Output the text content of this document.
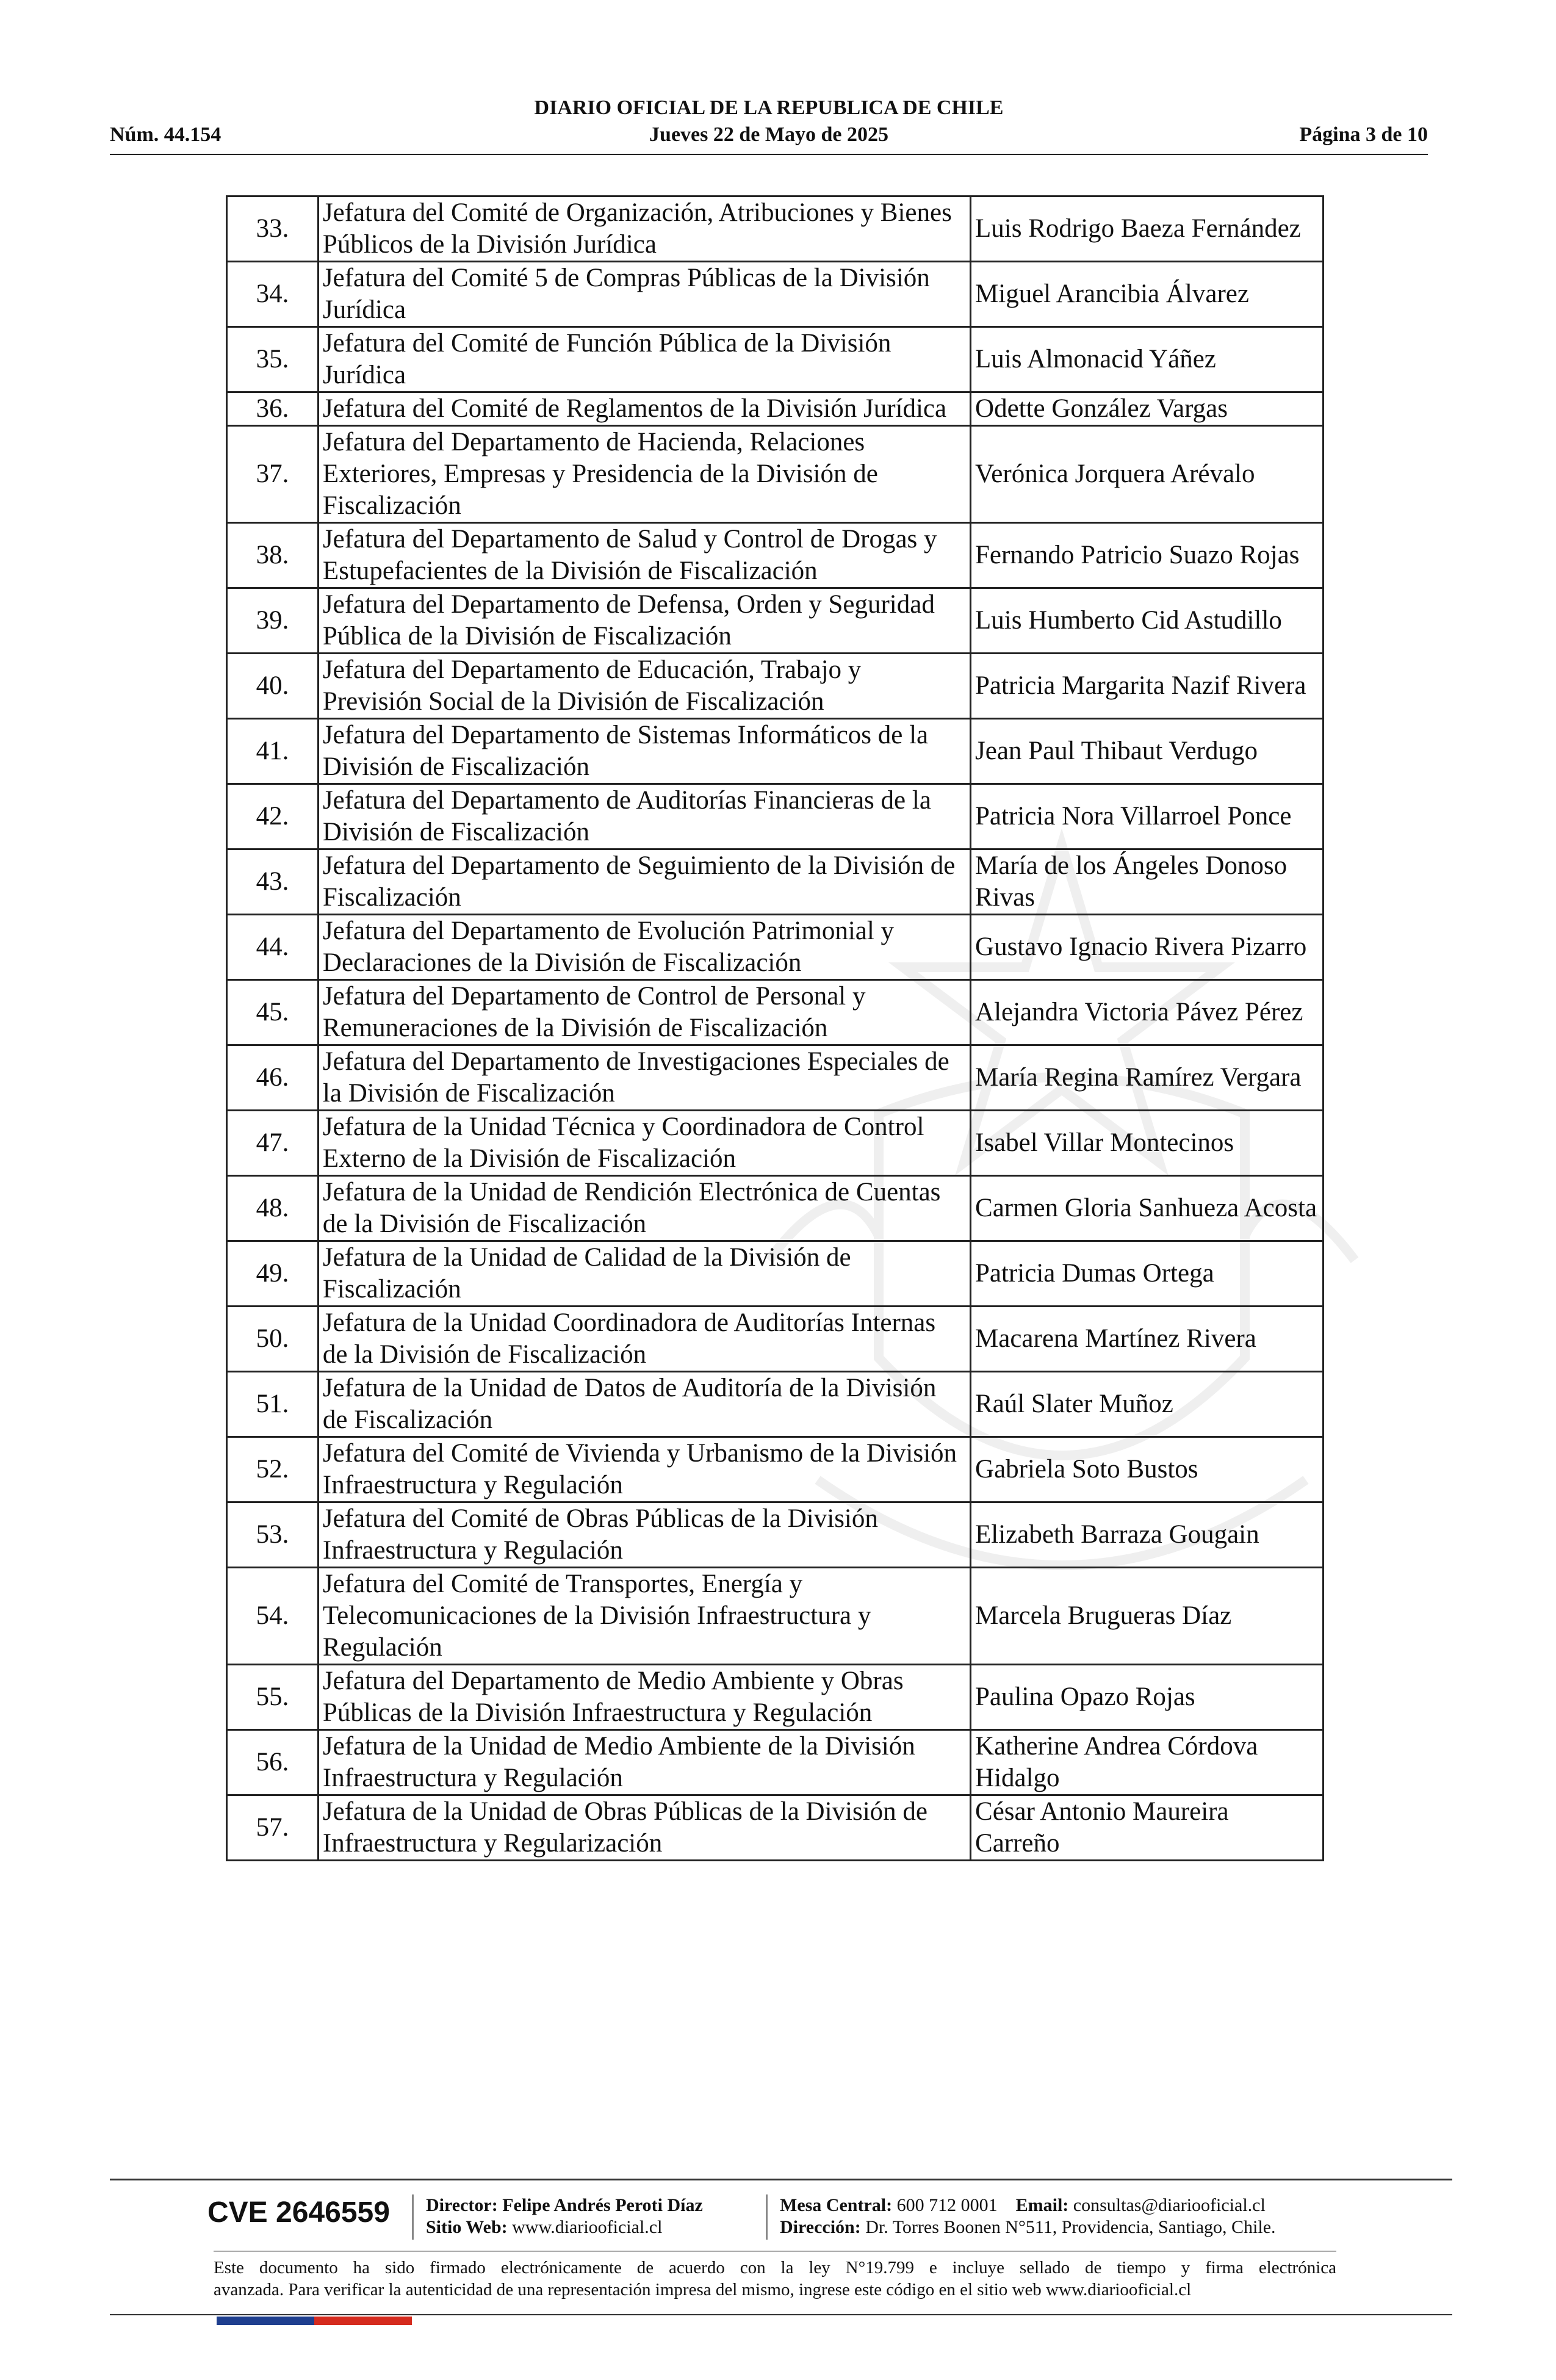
DIARIO OFICIAL DE LA REPUBLICA DE CHILE
Núm. 44.154	Jueves 22 de Mayo de 2025	Página 3 de 10
33.	Jefatura del Comité de Organización, Atribuciones y Bienes Públicos de la División Jurídica	Luis Rodrigo Baeza Fernández
34.	Jefatura del Comité 5 de Compras Públicas de la División Jurídica	Miguel Arancibia Álvarez
35.	Jefatura del Comité de Función Pública de la División Jurídica	Luis Almonacid Yáñez
36.	Jefatura del Comité de Reglamentos de la División Jurídica	Odette González Vargas
37.	Jefatura del Departamento de Hacienda, Relaciones Exteriores, Empresas y Presidencia de la División de Fiscalización	Verónica Jorquera Arévalo
38.	Jefatura del Departamento de Salud y Control de Drogas y Estupefacientes de la División de Fiscalización	Fernando Patricio Suazo Rojas
39.	Jefatura del Departamento de Defensa, Orden y Seguridad Pública de la División de Fiscalización	Luis Humberto Cid Astudillo
40.	Jefatura del Departamento de Educación, Trabajo y Previsión Social de la División de Fiscalización	Patricia Margarita Nazif Rivera
41.	Jefatura del Departamento de Sistemas Informáticos de la División de Fiscalización	Jean Paul Thibaut Verdugo
42.	Jefatura del Departamento de Auditorías Financieras de la División de Fiscalización	Patricia Nora Villarroel Ponce
43.	Jefatura del Departamento de Seguimiento de la División de Fiscalización	María de los Ángeles Donoso Rivas
44.	Jefatura del Departamento de Evolución Patrimonial y Declaraciones de la División de Fiscalización	Gustavo Ignacio Rivera Pizarro
45.	Jefatura del Departamento de Control de Personal y Remuneraciones de la División de Fiscalización	Alejandra Victoria Pávez Pérez
46.	Jefatura del Departamento de Investigaciones Especiales de la División de Fiscalización	María Regina Ramírez Vergara
47.	Jefatura de la Unidad Técnica y Coordinadora de Control Externo de la División de Fiscalización	Isabel Villar Montecinos
48.	Jefatura de la Unidad de Rendición Electrónica de Cuentas de la División de Fiscalización	Carmen Gloria Sanhueza Acosta
49.	Jefatura de la Unidad de Calidad de la División de Fiscalización	Patricia Dumas Ortega
50.	Jefatura de la Unidad Coordinadora de Auditorías Internas de la División de Fiscalización	Macarena Martínez Rivera
51.	Jefatura de la Unidad de Datos de Auditoría de la División de Fiscalización	Raúl Slater Muñoz
52.	Jefatura del Comité de Vivienda y Urbanismo de la División Infraestructura y Regulación	Gabriela Soto Bustos
53.	Jefatura del Comité de Obras Públicas de la División Infraestructura y Regulación	Elizabeth Barraza Gougain
54.	Jefatura del Comité de Transportes, Energía y Telecomunicaciones de la División Infraestructura y Regulación	Marcela Brugueras Díaz
55.	Jefatura del Departamento de Medio Ambiente y Obras Públicas de la División Infraestructura y Regulación	Paulina Opazo Rojas
56.	Jefatura de la Unidad de Medio Ambiente de la División Infraestructura y Regulación	Katherine Andrea Córdova Hidalgo
57.	Jefatura de la Unidad de Obras Públicas de la División de Infraestructura y Regularización	César Antonio Maureira Carreño
CVE 2646559 Director: Felipe Andrés Peroti Díaz
Sitio Web: www.diariooficial.cl
Mesa Central: 600 712 0001 Email: consultas@diariooficial.cl
Dirección: Dr. Torres Boonen N°511, Providencia, Santiago, Chile.
Este documento ha sido firmado electrónicamente de acuerdo con la ley N°19.799 e incluye sellado de tiempo y firma electrónica
avanzada. Para verificar la autenticidad de una representación impresa del mismo, ingrese este código en el sitio web www.diariooficial.cl
